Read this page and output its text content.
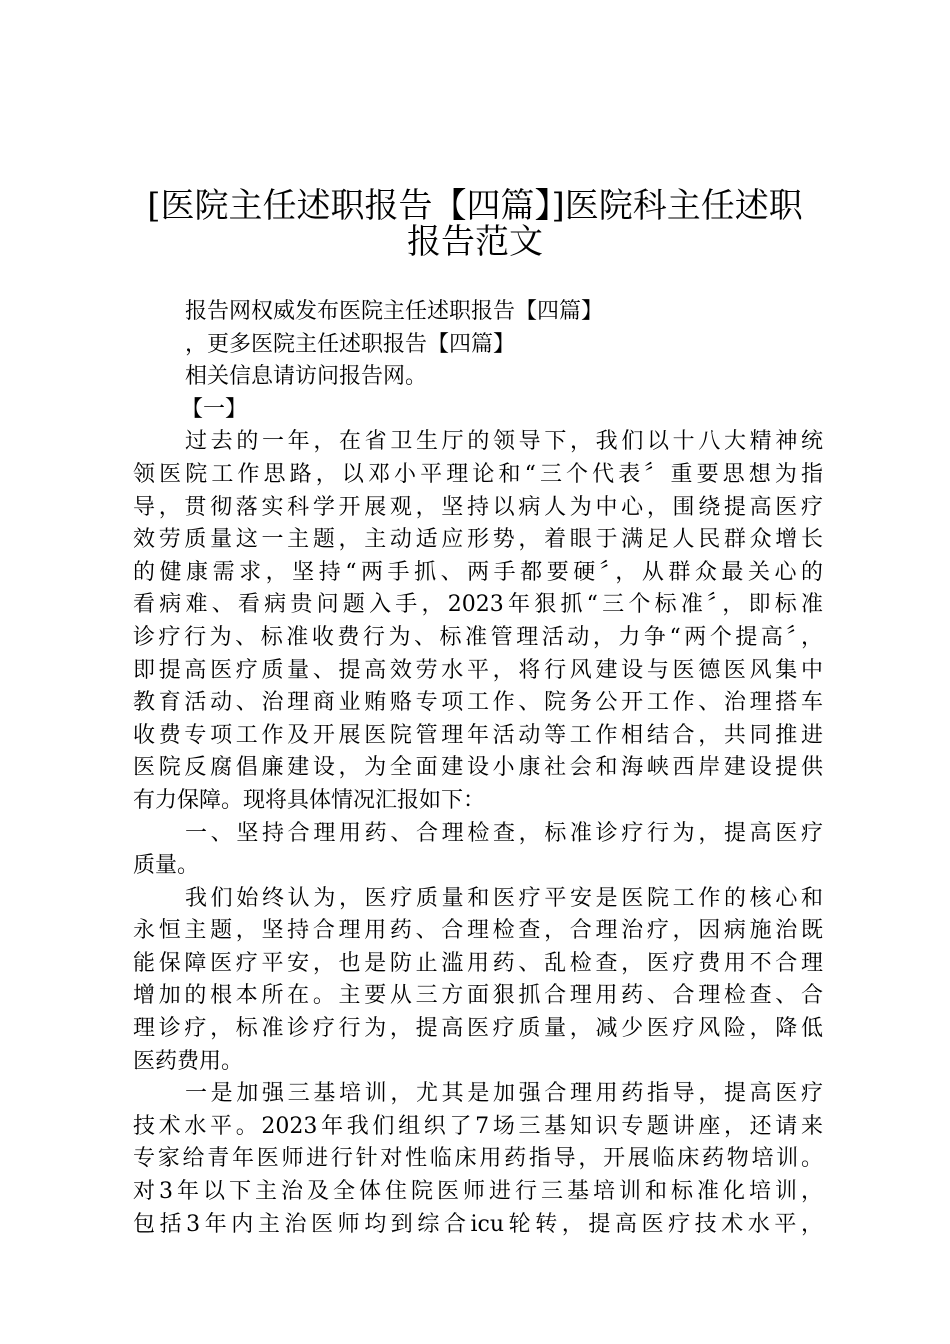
[医院主任述职报告【四篇】]医院科主任述职
报告范文
报告网权威发布医院主任述职报告【四篇】
，更多医院主任述职报告【四篇】
相关信息请访问报告网。
【一】
过去的一年，在省卫生厅的领导下，我们以十八大精神统
领医院工作思路，以邓小平理论和“三个代表〞重要思想为指
导，贯彻落实科学开展观，坚持以病人为中心，围绕提高医疗
效劳质量这一主题，主动适应形势，着眼于满足人民群众增长
的健康需求，坚持“两手抓、两手都要硬〞，从群众最关心的
看病难、看病贵问题入手，2023年狠抓“三个标准〞，即标准
诊疗行为、标准收费行为、标准管理活动，力争“两个提高〞，
即提高医疗质量、提高效劳水平，将行风建设与医德医风集中
教育活动、治理商业贿赂专项工作、院务公开工作、治理搭车
收费专项工作及开展医院管理年活动等工作相结合，共同推进
医院反腐倡廉建设，为全面建设小康社会和海峡西岸建设提供
有力保障。现将具体情况汇报如下：
一、坚持合理用药、合理检查，标准诊疗行为，提高医疗
质量。
我们始终认为，医疗质量和医疗平安是医院工作的核心和
永恒主题，坚持合理用药、合理检查，合理治疗，因病施治既
能保障医疗平安，也是防止滥用药、乱检查，医疗费用不合理
增加的根本所在。主要从三方面狠抓合理用药、合理检查、合
理诊疗，标准诊疗行为，提高医疗质量，减少医疗风险，降低
医药费用。
一是加强三基培训，尤其是加强合理用药指导，提高医疗
技术水平。2023年我们组织了7场三基知识专题讲座，还请来
专家给青年医师进行针对性临床用药指导，开展临床药物培训。
对3年以下主治及全体住院医师进行三基培训和标准化培训，
包括3年内主治医师均到综合icu轮转，提高医疗技术水平，
